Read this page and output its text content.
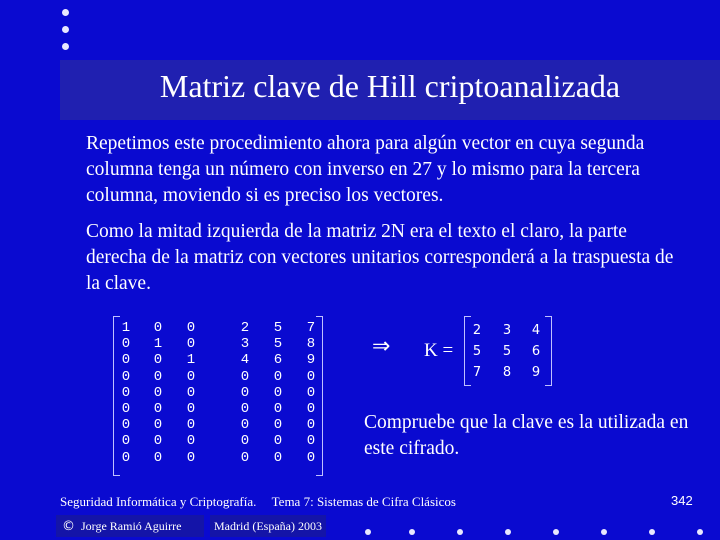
Matriz clave de Hill criptoanalizada
Repetimos este procedimiento ahora para algún vector en cuya segunda columna tenga un número con inverso en 27 y lo mismo para la tercera columna, moviendo si es preciso los vectores.
Como la mitad izquierda de la matriz 2N era el texto el claro, la parte derecha de la matriz con vectores unitarios corresponderá a la traspuesta de la clave.
1
0
0
0
0
0
0
0
0
0
1
0
0
0
0
0
0
0
0
0
1
0
0
0
0
0
0
2
3
4
0
0
0
0
0
0
5
5
6
0
0
0
0
0
0
7
8
9
0
0
0
0
0
0
⇒ K =
2
5
7
3
5
8
4
6
9
Compruebe que la clave es la utilizada en este cifrado.
Seguridad Informática y Criptografía. Tema 7: Sistemas de Cifra Clásicos	342
© Jorge Ramió Aguirre	Madrid (España) 2003
